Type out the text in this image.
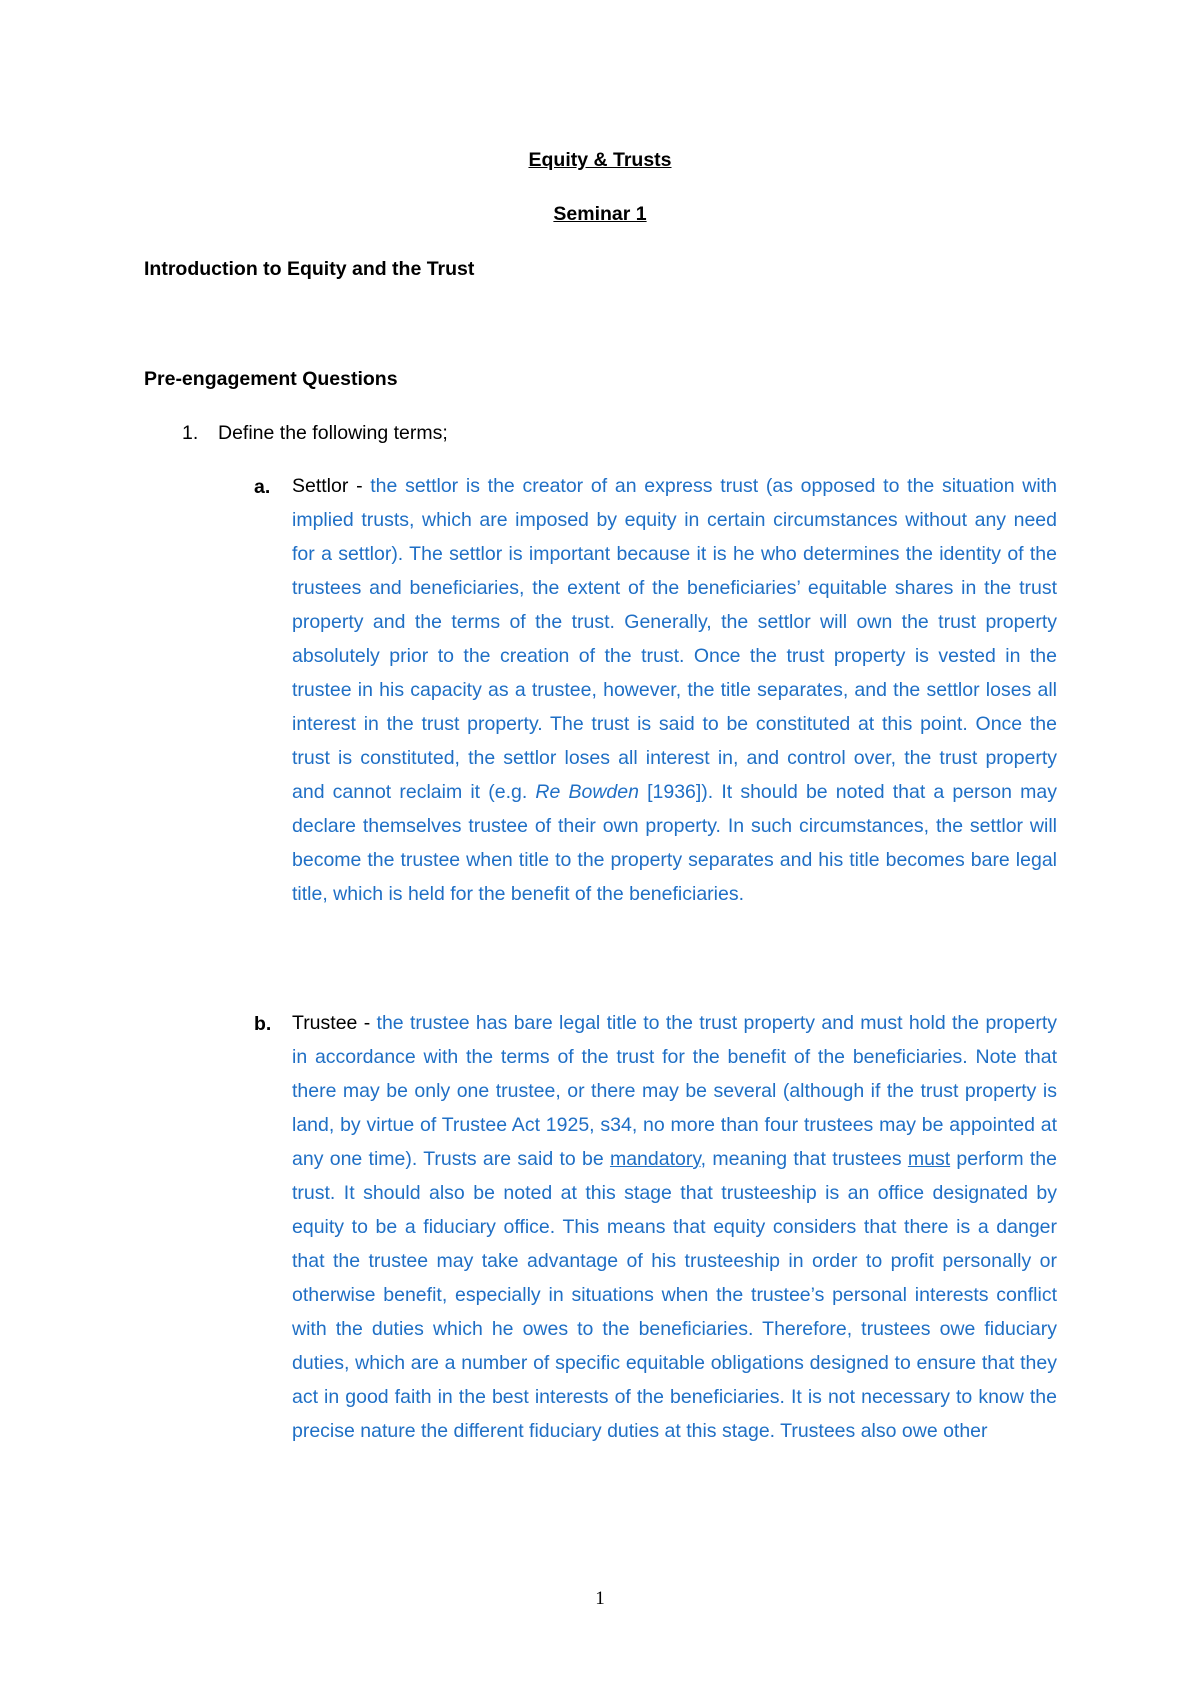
Equity & Trusts
Seminar 1
Introduction to Equity and the Trust
Pre-engagement Questions
1. Define the following terms;
a. Settlor - the settlor is the creator of an express trust (as opposed to the situation with implied trusts, which are imposed by equity in certain circumstances without any need for a settlor). The settlor is important because it is he who determines the identity of the trustees and beneficiaries, the extent of the beneficiaries’ equitable shares in the trust property and the terms of the trust. Generally, the settlor will own the trust property absolutely prior to the creation of the trust. Once the trust property is vested in the trustee in his capacity as a trustee, however, the title separates, and the settlor loses all interest in the trust property. The trust is said to be constituted at this point. Once the trust is constituted, the settlor loses all interest in, and control over, the trust property and cannot reclaim it (e.g. Re Bowden [1936]). It should be noted that a person may declare themselves trustee of their own property. In such circumstances, the settlor will become the trustee when title to the property separates and his title becomes bare legal title, which is held for the benefit of the beneficiaries.
b. Trustee - the trustee has bare legal title to the trust property and must hold the property in accordance with the terms of the trust for the benefit of the beneficiaries. Note that there may be only one trustee, or there may be several (although if the trust property is land, by virtue of Trustee Act 1925, s34, no more than four trustees may be appointed at any one time). Trusts are said to be mandatory, meaning that trustees must perform the trust. It should also be noted at this stage that trusteeship is an office designated by equity to be a fiduciary office. This means that equity considers that there is a danger that the trustee may take advantage of his trusteeship in order to profit personally or otherwise benefit, especially in situations when the trustee’s personal interests conflict with the duties which he owes to the beneficiaries. Therefore, trustees owe fiduciary duties, which are a number of specific equitable obligations designed to ensure that they act in good faith in the best interests of the beneficiaries. It is not necessary to know the precise nature the different fiduciary duties at this stage. Trustees also owe other
1
